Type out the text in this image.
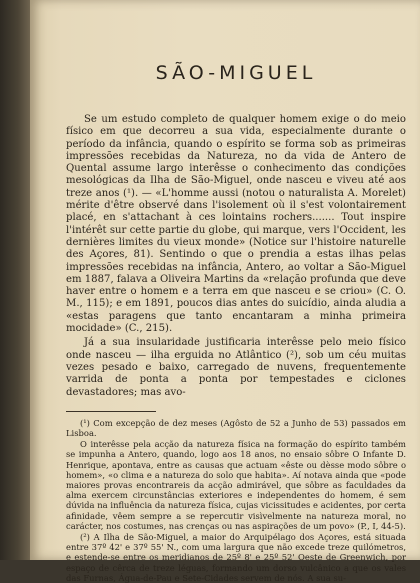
SÃO-MIGUEL

Se um estudo completo de qualquer homem exige o do meio físico em que decorreu a sua vida, especialmente durante o período da infância, quando o espírito se forma sob as primeiras impressões recebidas da Natureza, no da vida de Antero de Quental assume largo interêsse o conhecimento das condições mesológicas da Ilha de São-Miguel, onde nasceu e viveu até aos treze anos (¹). — «L'homme aussi (notou o naturalista A. Morelet) mérite d'être observé dans l'isolement où il s'est volontairement placé, en s'attachant à ces lointains rochers....... Tout inspire l'intérêt sur cette partie du globe, qui marque, vers l'Occident, les dernières limites du vieux monde» (Notice sur l'histoire naturelle des Açores, 81). Sentindo o que o prendia a estas ilhas pelas impressões recebidas na infância, Antero, ao voltar a São-Miguel em 1887, falava a Oliveira Martins da «relação profunda que deve haver entre o homem e a terra em que nasceu e se criou» (C. O. M., 115); e em 1891, poucos dias antes do suicídio, ainda aludia a «estas paragens que tanto encantaram a minha primeira mocidade» (C., 215).

Já a sua insularidade justificaria interêsse pelo meio físico onde nasceu — ilha erguida no Atlântico (²), sob um céu muitas vezes pesado e baixo, carregado de nuvens, frequentemente varrida de ponta a ponta por tempestades e ciclones devastadores; mas avo-

(¹) Com excepção de dez meses (Agôsto de 52 a Junho de 53) passados em Lisboa.

O interêsse pela acção da natureza física na formação do espírito também se impunha a Antero, quando, logo aos 18 anos, no ensaio sôbre O Infante D. Henrique, apontava, entre as causas que actuam «êste ou dèsse modo sôbre o homem», «o clima e a natureza do solo que habita». Aí notava ainda que «pode maiores provas encontrareis da acção admirável, que sôbre as faculdades da alma exercem circunstâncias exteriores e independentes do homem, é sem dúvida na influência da natureza física, cujas vicissitudes e acidentes, por certa afinidade, vêem sempre a se repercutir visìvelmente na natureza moral, no carácter, nos costumes, nas crenças ou nas aspirações de um povo» (P., I, 44-5).

(²) A Ilha de São-Miguel, a maior do Arquipélago dos Açores, está situada entre 37º 42' e 37º 55' N., com uma largura que não excede treze quilómetros, e estende-se entre os meridianos de 25º 8' e 25º 52' Oeste de Greenwich, por espaço de cêrca de treze léguas, formando um dorso vulcânico a que os vales das Furnas, Água-de-Pau e Sete-Cidades servem de nós. A sua su-
